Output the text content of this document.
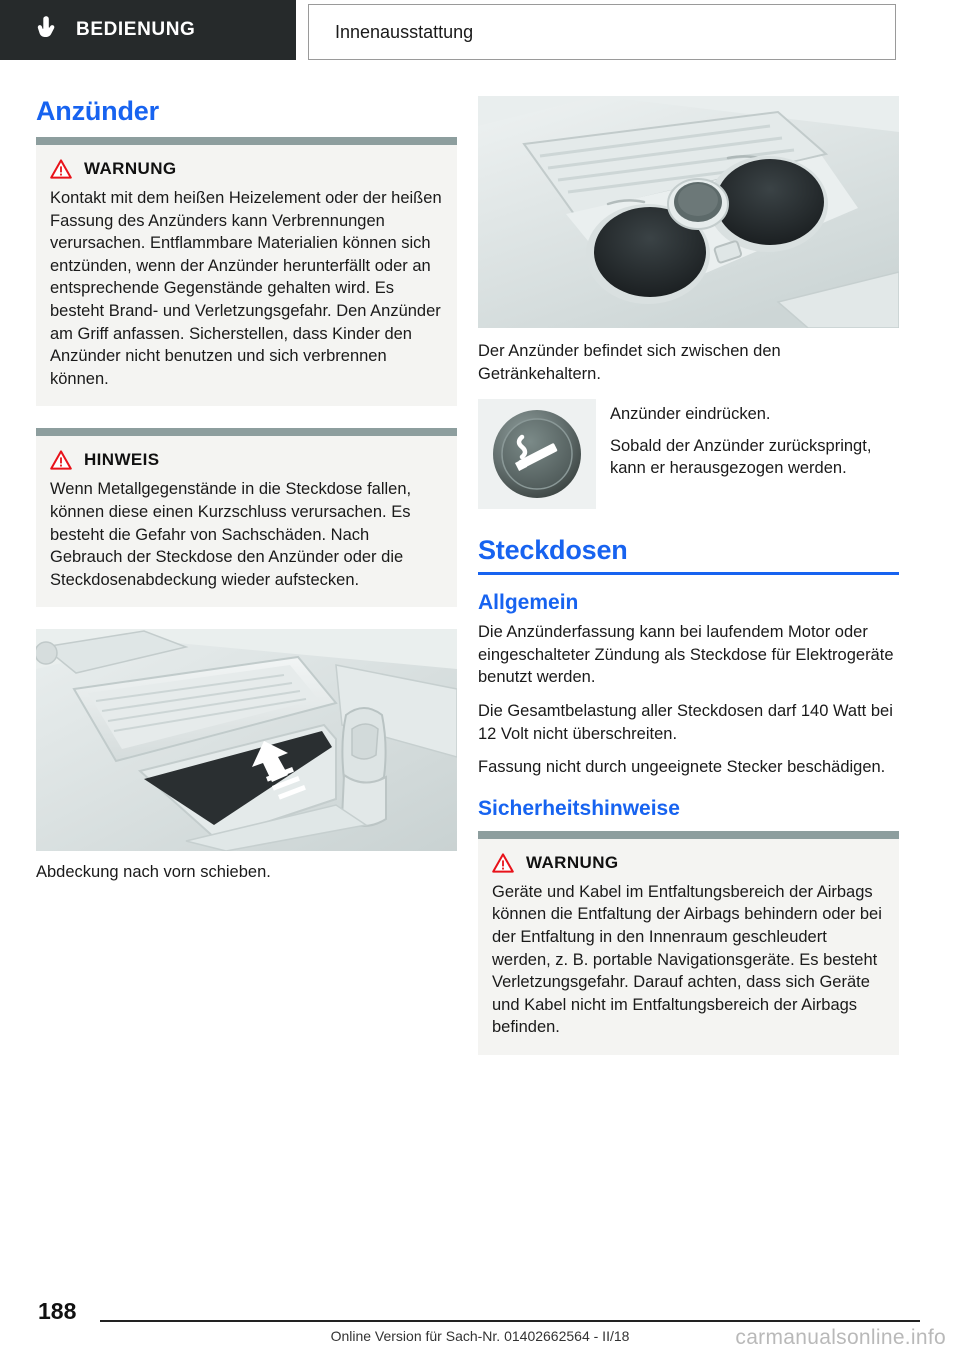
BEDIENUNG	Innenausstattung
Anzünder
WARNUNG
Kontakt mit dem heißen Heizelement oder der heißen Fassung des Anzünders kann Verbrennungen verursachen. Entflammbare Materialien können sich entzünden, wenn der Anzünder herunterfällt oder an entsprechende Gegenstände gehalten wird. Es besteht Brand- und Verletzungsgefahr. Den Anzünder am Griff anfassen. Sicherstellen, dass Kinder den Anzünder nicht benutzen und sich verbrennen können.
HINWEIS
Wenn Metallgegenstände in die Steckdose fallen, können diese einen Kurzschluss verursachen. Es besteht die Gefahr von Sachschäden. Nach Gebrauch der Steckdose den Anzünder oder die Steckdosenabdeckung wieder aufstecken.

Abdeckung nach vorn schieben.

Der Anzünder befindet sich zwischen den Getränkehaltern.

Anzünder eindrücken.

Sobald der Anzünder zurückspringt, kann er herausgezogen werden.

Steckdosen
Allgemein

Die Anzünderfassung kann bei laufendem Motor oder eingeschalteter Zündung als Steckdose für Elektrogeräte benutzt werden.

Die Gesamtbelastung aller Steckdosen darf 140 Watt bei 12 Volt nicht überschreiten.

Fassung nicht durch ungeeignete Stecker beschädigen.

Sicherheitshinweise
WARNUNG
Geräte und Kabel im Entfaltungsbereich der Airbags können die Entfaltung der Airbags behindern oder bei der Entfaltung in den Innenraum geschleudert werden, z. B. portable Navigationsgeräte. Es besteht Verletzungsgefahr. Darauf achten, dass sich Geräte und Kabel nicht im Entfaltungsbereich der Airbags befinden.
188
Online Version für Sach-Nr. 01402662564 - II/18	carmanualsonline.info
